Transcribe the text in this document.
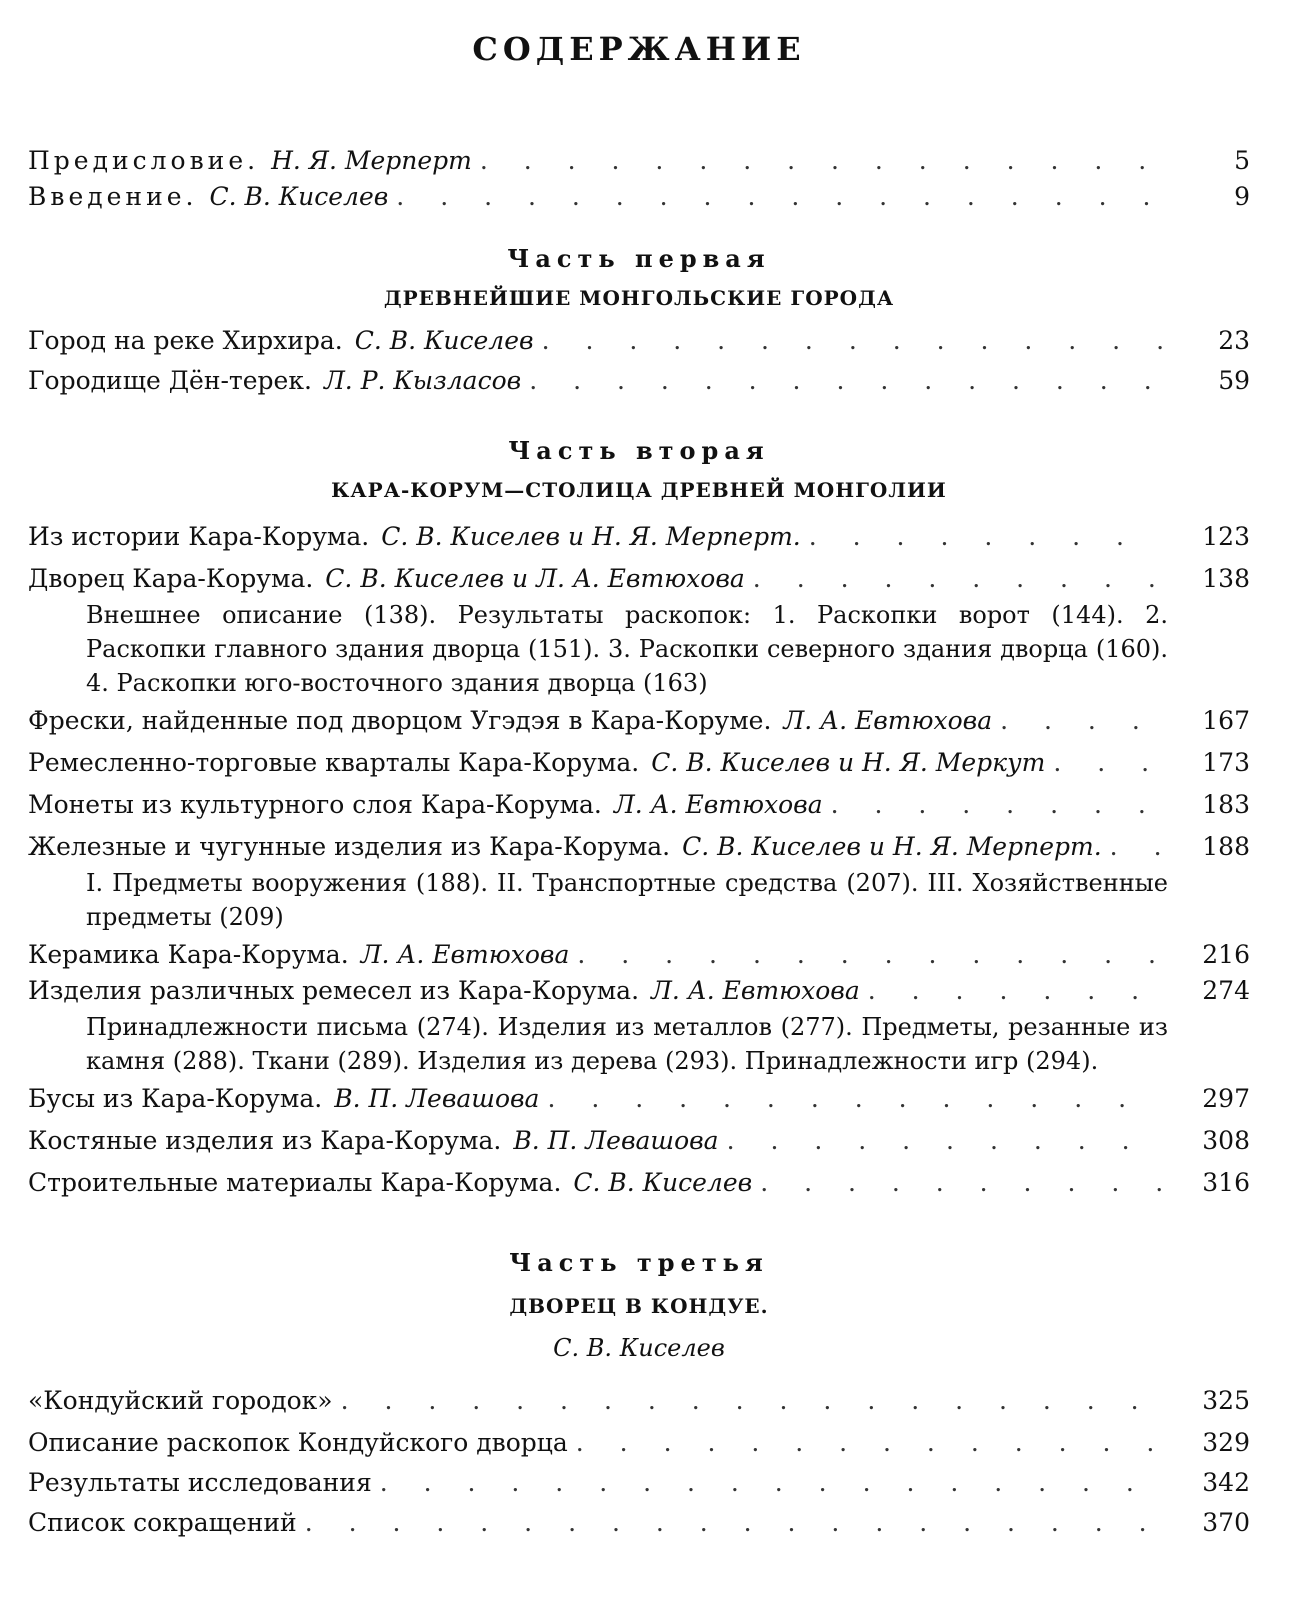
СОДЕРЖАНИЕ
Предисловие. Н. Я. Мерперт . . .	5
Введение. С. В. Киселев . . .	9
Часть первая
ДРЕВНЕЙШИЕ МОНГОЛЬСКИЕ ГОРОДА
Город на реке Хирхира. С. В. Киселев . . .	23
Городище Дён-терек. Л. Р. Кызласов . . .	59
Часть вторая
КАРА-КОРУМ—СТОЛИЦА ДРЕВНЕЙ МОНГОЛИИ
Из истории Кара-Корума. С. В. Киселев и Н. Я. Мерперт. . . .	123
Дворец Кара-Корума. С. В. Киселев и Л. А. Евтюхова . . .	138
Внешнее описание (138). Результаты раскопок: 1. Раскопки ворот (144). 2. Раскопки главного здания дворца (151). 3. Раскопки северного здания дворца (160). 4. Раскопки юго-восточного здания дворца (163)
Фрески, найденные под дворцом Угэдэя в Кара-Коруме. Л. А. Евтюхова . . .	167
Ремесленно-торговые кварталы Кара-Корума. С. В. Киселев и Н. Я. Меркут . . .	173
Монеты из культурного слоя Кара-Корума. Л. А. Евтюхова . . .	183
Железные и чугунные изделия из Кара-Корума. С. В. Киселев и Н. Я. Мерперт. . . .	188
I. Предметы вооружения (188). II. Транспортные средства (207). III. Хозяйственные предметы (209)
Керамика Кара-Корума. Л. А. Евтюхова . . .	216
Изделия различных ремесел из Кара-Корума. Л. А. Евтюхова . . .	274
Принадлежности письма (274). Изделия из металлов (277). Предметы, резанные из камня (288). Ткани (289). Изделия из дерева (293). Принадлежности игр (294).
Бусы из Кара-Корума. В. П. Левашова . . .	297
Костяные изделия из Кара-Корума. В. П. Левашова . . .	308
Строительные материалы Кара-Корума. С. В. Киселев . . .	316
Часть третья
ДВОРЕЦ В КОНДУЕ.
С. В. Киселев
«Кондуйский городок» . . .	325
Описание раскопок Кондуйского дворца . . .	329
Результаты исследования . . .	342
Список сокращений . . .	370
